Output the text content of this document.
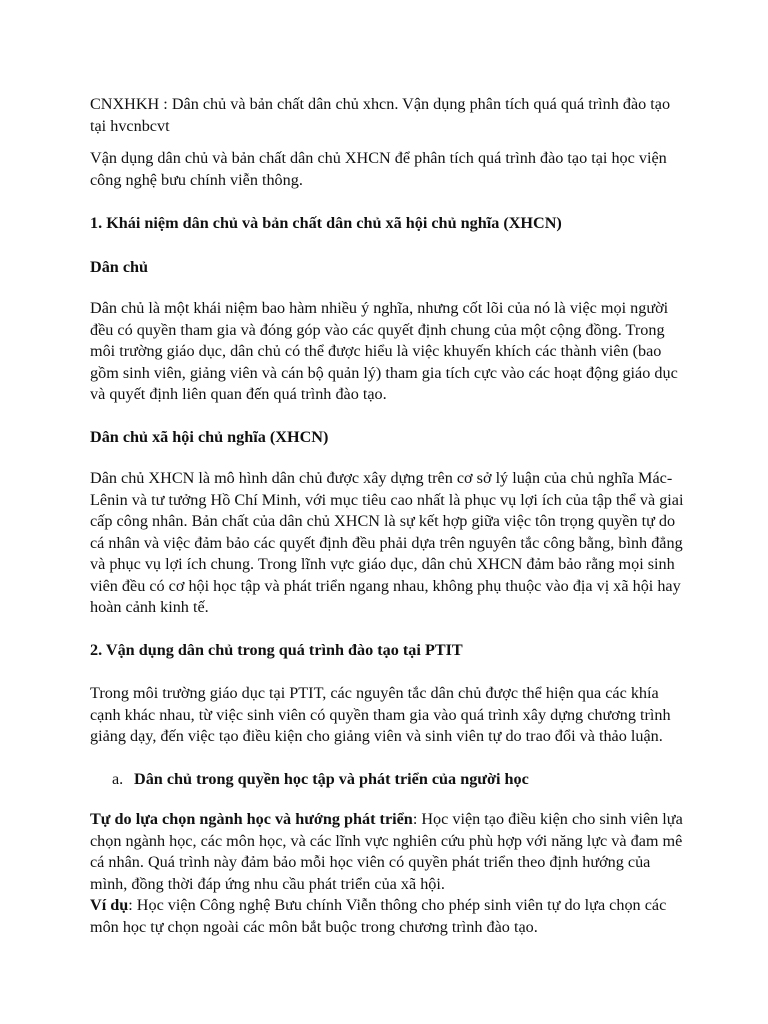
CNXHKH : Dân chủ và bản chất dân chủ xhcn. Vận dụng phân tích quá quá trình đào tạo tại hvcnbcvt

Vận dụng dân chủ và bản chất dân chủ XHCN để phân tích quá trình đào tạo tại học viện công nghệ bưu chính viễn thông.

1. Khái niệm dân chủ và bản chất dân chủ xã hội chủ nghĩa (XHCN)

Dân chủ

Dân chủ là một khái niệm bao hàm nhiều ý nghĩa, nhưng cốt lõi của nó là việc mọi người đều có quyền tham gia và đóng góp vào các quyết định chung của một cộng đồng. Trong môi trường giáo dục, dân chủ có thể được hiểu là việc khuyến khích các thành viên (bao gồm sinh viên, giảng viên và cán bộ quản lý) tham gia tích cực vào các hoạt động giáo dục và quyết định liên quan đến quá trình đào tạo.

Dân chủ xã hội chủ nghĩa (XHCN)

Dân chủ XHCN là mô hình dân chủ được xây dựng trên cơ sở lý luận của chủ nghĩa Mác-Lênin và tư tưởng Hồ Chí Minh, với mục tiêu cao nhất là phục vụ lợi ích của tập thể và giai cấp công nhân. Bản chất của dân chủ XHCN là sự kết hợp giữa việc tôn trọng quyền tự do cá nhân và việc đảm bảo các quyết định đều phải dựa trên nguyên tắc công bằng, bình đẳng và phục vụ lợi ích chung. Trong lĩnh vực giáo dục, dân chủ XHCN đảm bảo rằng mọi sinh viên đều có cơ hội học tập và phát triển ngang nhau, không phụ thuộc vào địa vị xã hội hay hoàn cảnh kinh tế.

2. Vận dụng dân chủ trong quá trình đào tạo tại PTIT

Trong môi trường giáo dục tại PTIT, các nguyên tắc dân chủ được thể hiện qua các khía cạnh khác nhau, từ việc sinh viên có quyền tham gia vào quá trình xây dựng chương trình giảng dạy, đến việc tạo điều kiện cho giảng viên và sinh viên tự do trao đổi và thảo luận.

a. Dân chủ trong quyền học tập và phát triển của người học

Tự do lựa chọn ngành học và hướng phát triển: Học viện tạo điều kiện cho sinh viên lựa chọn ngành học, các môn học, và các lĩnh vực nghiên cứu phù hợp với năng lực và đam mê cá nhân. Quá trình này đảm bảo mỗi học viên có quyền phát triển theo định hướng của mình, đồng thời đáp ứng nhu cầu phát triển của xã hội.

Ví dụ: Học viện Công nghệ Bưu chính Viễn thông cho phép sinh viên tự do lựa chọn các môn học tự chọn ngoài các môn bắt buộc trong chương trình đào tạo.
